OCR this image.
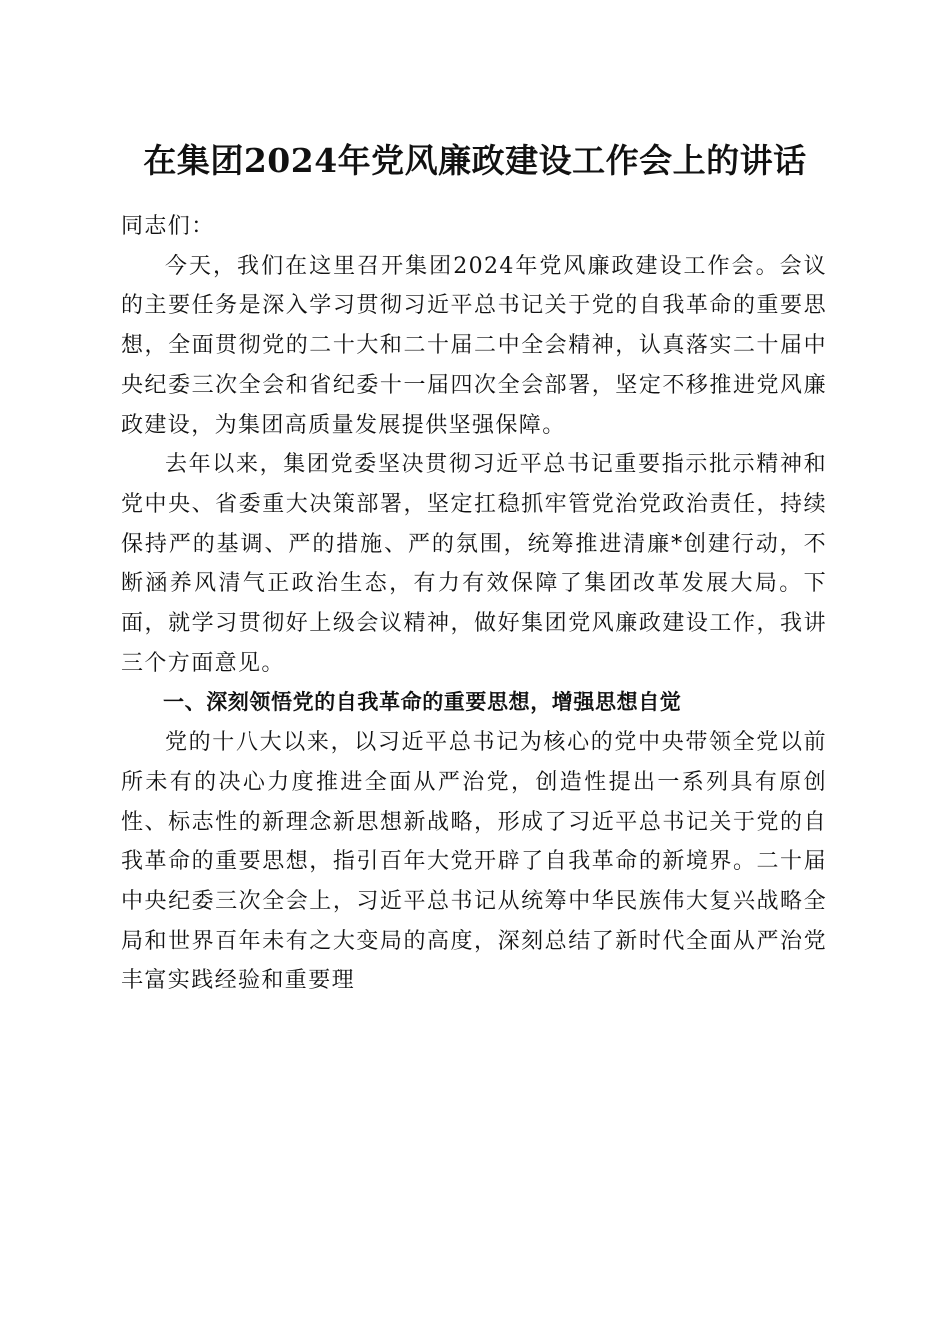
在集团2024年党风廉政建设工作会上的讲话

同志们：

今天，我们在这里召开集团2024年党风廉政建设工作会。会议的主要任务是深入学习贯彻习近平总书记关于党的自我革命的重要思想，全面贯彻党的二十大和二十届二中全会精神，认真落实二十届中央纪委三次全会和省纪委十一届四次全会部署，坚定不移推进党风廉政建设，为集团高质量发展提供坚强保障。

去年以来，集团党委坚决贯彻习近平总书记重要指示批示精神和党中央、省委重大决策部署，坚定扛稳抓牢管党治党政治责任，持续保持严的基调、严的措施、严的氛围，统筹推进清廉*创建行动，不断涵养风清气正政治生态，有力有效保障了集团改革发展大局。下面，就学习贯彻好上级会议精神，做好集团党风廉政建设工作，我讲三个方面意见。

一、深刻领悟党的自我革命的重要思想，增强思想自觉

党的十八大以来，以习近平总书记为核心的党中央带领全党以前所未有的决心力度推进全面从严治党，创造性提出一系列具有原创性、标志性的新理念新思想新战略，形成了习近平总书记关于党的自我革命的重要思想，指引百年大党开辟了自我革命的新境界。二十届中央纪委三次全会上，习近平总书记从统筹中华民族伟大复兴战略全局和世界百年未有之大变局的高度，深刻总结了新时代全面从严治党丰富实践经验和重要理
